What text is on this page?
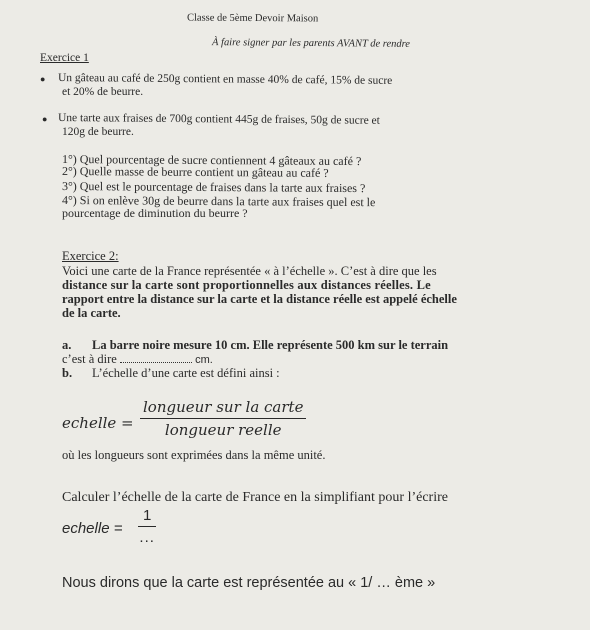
Classe de 5ème Devoir Maison
À faire signer par les parents AVANT de rendre
Exercice 1
● Un gâteau au café de 250g contient en masse 40% de café, 15% de sucre
et 20% de beurre.
● Une tarte aux fraises de 700g contient 445g de fraises, 50g de sucre et
120g de beurre.
1°) Quel pourcentage de sucre contiennent 4 gâteaux au café ?
2°) Quelle masse de beurre contient un gâteau au café ?
3°) Quel est le pourcentage de fraises dans la tarte aux fraises ?
4°) Si on enlève 30g de beurre dans la tarte aux fraises quel est le
pourcentage de diminution du beurre ?
Exercice 2:
Voici une carte de la France représentée « à l’échelle ». C’est à dire que les
distance sur la carte sont proportionnelles aux distances réelles. Le
rapport entre la distance sur la carte et la distance réelle est appelé échelle
de la carte.
a. La barre noire mesure 10 cm. Elle représente 500 km sur le terrain
c’est à dire	cm.
b. L’échelle d’une carte est défini ainsi :
echelle =
longueur sur la carte
longueur reelle
où les longueurs sont exprimées dans la même unité.
Calculer l’échelle de la carte de France en la simplifiant pour l’écrire
echelle =
1
...
Nous dirons que la carte est représentée au « 1/ … ème »
